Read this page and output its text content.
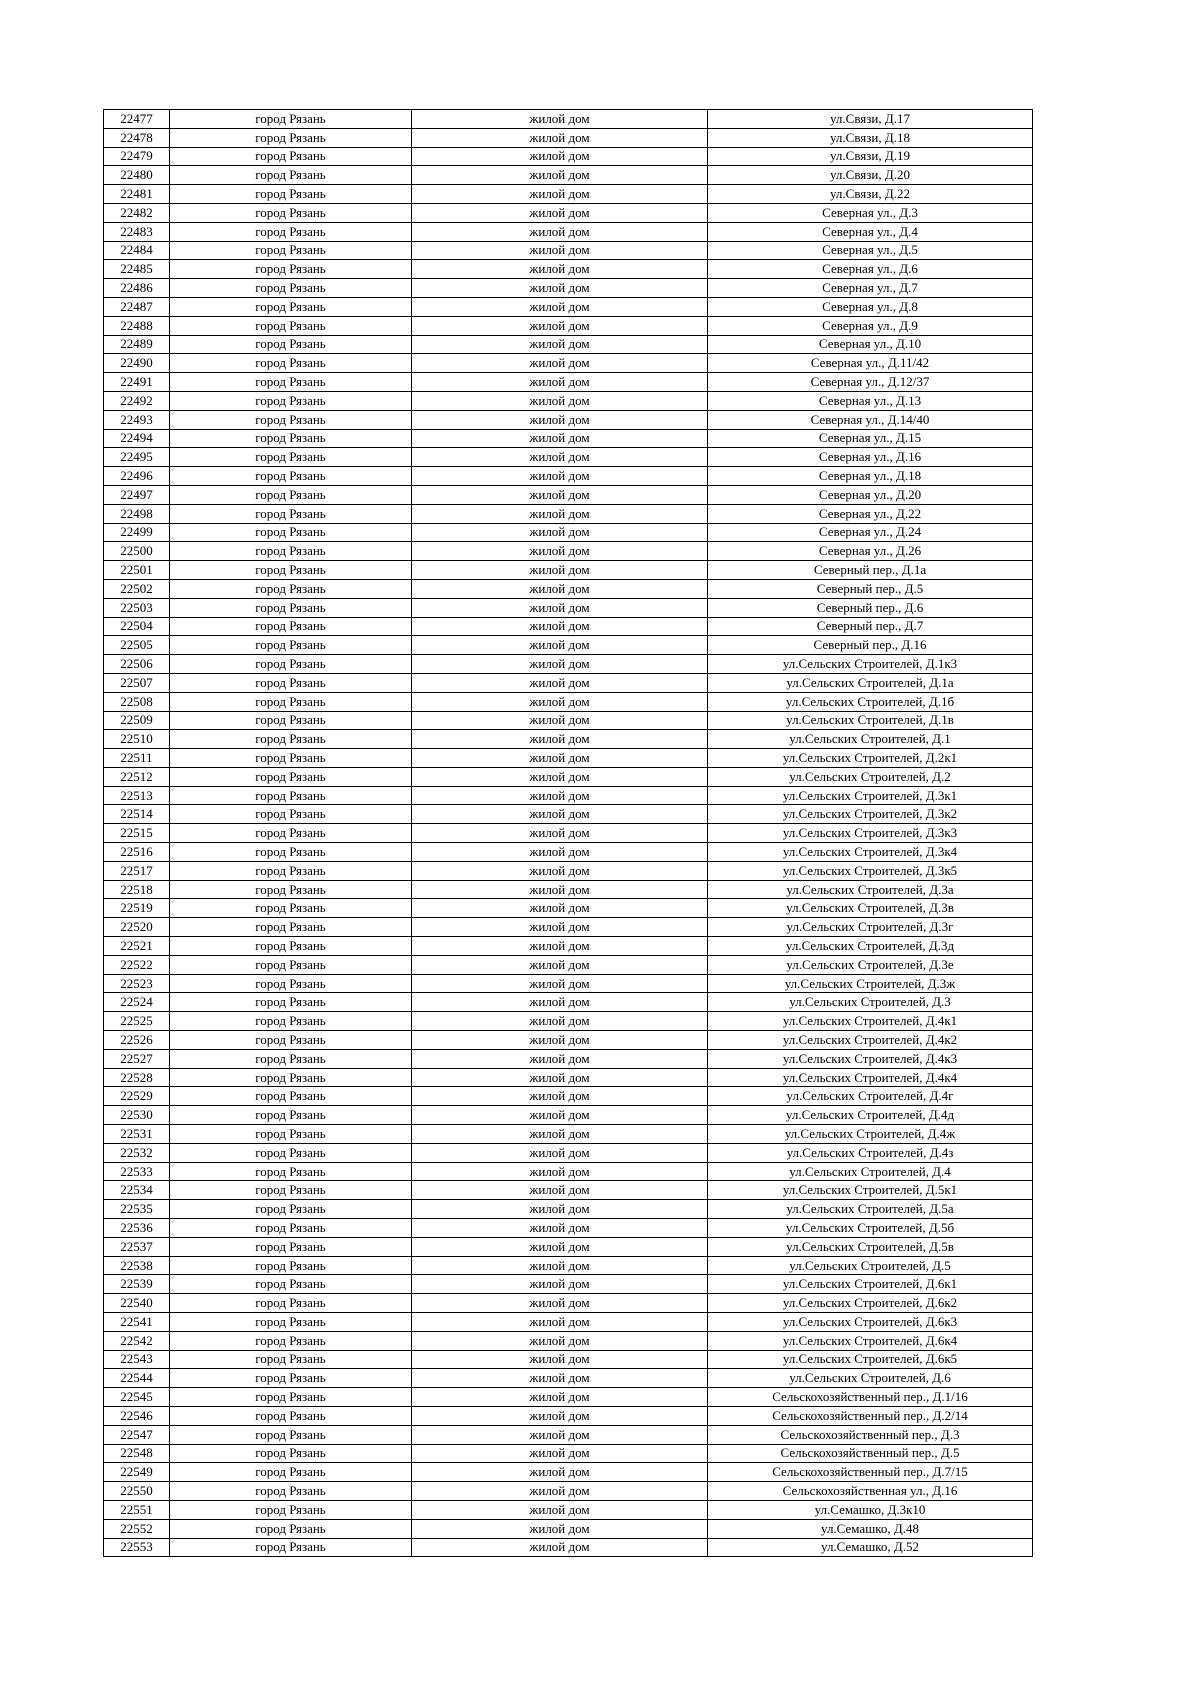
22477	город Рязань	жилой дом	ул.Связи, Д.17
22478	город Рязань	жилой дом	ул.Связи, Д.18
22479	город Рязань	жилой дом	ул.Связи, Д.19
22480	город Рязань	жилой дом	ул.Связи, Д.20
22481	город Рязань	жилой дом	ул.Связи, Д.22
22482	город Рязань	жилой дом	Северная ул., Д.3
22483	город Рязань	жилой дом	Северная ул., Д.4
22484	город Рязань	жилой дом	Северная ул., Д.5
22485	город Рязань	жилой дом	Северная ул., Д.6
22486	город Рязань	жилой дом	Северная ул., Д.7
22487	город Рязань	жилой дом	Северная ул., Д.8
22488	город Рязань	жилой дом	Северная ул., Д.9
22489	город Рязань	жилой дом	Северная ул., Д.10
22490	город Рязань	жилой дом	Северная ул., Д.11/42
22491	город Рязань	жилой дом	Северная ул., Д.12/37
22492	город Рязань	жилой дом	Северная ул., Д.13
22493	город Рязань	жилой дом	Северная ул., Д.14/40
22494	город Рязань	жилой дом	Северная ул., Д.15
22495	город Рязань	жилой дом	Северная ул., Д.16
22496	город Рязань	жилой дом	Северная ул., Д.18
22497	город Рязань	жилой дом	Северная ул., Д.20
22498	город Рязань	жилой дом	Северная ул., Д.22
22499	город Рязань	жилой дом	Северная ул., Д.24
22500	город Рязань	жилой дом	Северная ул., Д.26
22501	город Рязань	жилой дом	Северный пер., Д.1а
22502	город Рязань	жилой дом	Северный пер., Д.5
22503	город Рязань	жилой дом	Северный пер., Д.6
22504	город Рязань	жилой дом	Северный пер., Д.7
22505	город Рязань	жилой дом	Северный пер., Д.16
22506	город Рязань	жилой дом	ул.Сельских Строителей, Д.1к3
22507	город Рязань	жилой дом	ул.Сельских Строителей, Д.1а
22508	город Рязань	жилой дом	ул.Сельских Строителей, Д.1б
22509	город Рязань	жилой дом	ул.Сельских Строителей, Д.1в
22510	город Рязань	жилой дом	ул.Сельских Строителей, Д.1
22511	город Рязань	жилой дом	ул.Сельских Строителей, Д.2к1
22512	город Рязань	жилой дом	ул.Сельских Строителей, Д.2
22513	город Рязань	жилой дом	ул.Сельских Строителей, Д.3к1
22514	город Рязань	жилой дом	ул.Сельских Строителей, Д.3к2
22515	город Рязань	жилой дом	ул.Сельских Строителей, Д.3к3
22516	город Рязань	жилой дом	ул.Сельских Строителей, Д.3к4
22517	город Рязань	жилой дом	ул.Сельских Строителей, Д.3к5
22518	город Рязань	жилой дом	ул.Сельских Строителей, Д.3а
22519	город Рязань	жилой дом	ул.Сельских Строителей, Д.3в
22520	город Рязань	жилой дом	ул.Сельских Строителей, Д.3г
22521	город Рязань	жилой дом	ул.Сельских Строителей, Д.3д
22522	город Рязань	жилой дом	ул.Сельских Строителей, Д.3е
22523	город Рязань	жилой дом	ул.Сельских Строителей, Д.3ж
22524	город Рязань	жилой дом	ул.Сельских Строителей, Д.3
22525	город Рязань	жилой дом	ул.Сельских Строителей, Д.4к1
22526	город Рязань	жилой дом	ул.Сельских Строителей, Д.4к2
22527	город Рязань	жилой дом	ул.Сельских Строителей, Д.4к3
22528	город Рязань	жилой дом	ул.Сельских Строителей, Д.4к4
22529	город Рязань	жилой дом	ул.Сельских Строителей, Д.4г
22530	город Рязань	жилой дом	ул.Сельских Строителей, Д.4д
22531	город Рязань	жилой дом	ул.Сельских Строителей, Д.4ж
22532	город Рязань	жилой дом	ул.Сельских Строителей, Д.4з
22533	город Рязань	жилой дом	ул.Сельских Строителей, Д.4
22534	город Рязань	жилой дом	ул.Сельских Строителей, Д.5к1
22535	город Рязань	жилой дом	ул.Сельских Строителей, Д.5а
22536	город Рязань	жилой дом	ул.Сельских Строителей, Д.5б
22537	город Рязань	жилой дом	ул.Сельских Строителей, Д.5в
22538	город Рязань	жилой дом	ул.Сельских Строителей, Д.5
22539	город Рязань	жилой дом	ул.Сельских Строителей, Д.6к1
22540	город Рязань	жилой дом	ул.Сельских Строителей, Д.6к2
22541	город Рязань	жилой дом	ул.Сельских Строителей, Д.6к3
22542	город Рязань	жилой дом	ул.Сельских Строителей, Д.6к4
22543	город Рязань	жилой дом	ул.Сельских Строителей, Д.6к5
22544	город Рязань	жилой дом	ул.Сельских Строителей, Д.6
22545	город Рязань	жилой дом	Сельскохозяйственный пер., Д.1/16
22546	город Рязань	жилой дом	Сельскохозяйственный пер., Д.2/14
22547	город Рязань	жилой дом	Сельскохозяйственный пер., Д.3
22548	город Рязань	жилой дом	Сельскохозяйственный пер., Д.5
22549	город Рязань	жилой дом	Сельскохозяйственный пер., Д.7/15
22550	город Рязань	жилой дом	Сельскохозяйственная ул., Д.16
22551	город Рязань	жилой дом	ул.Семашко, Д.3к10
22552	город Рязань	жилой дом	ул.Семашко, Д.48
22553	город Рязань	жилой дом	ул.Семашко, Д.52
